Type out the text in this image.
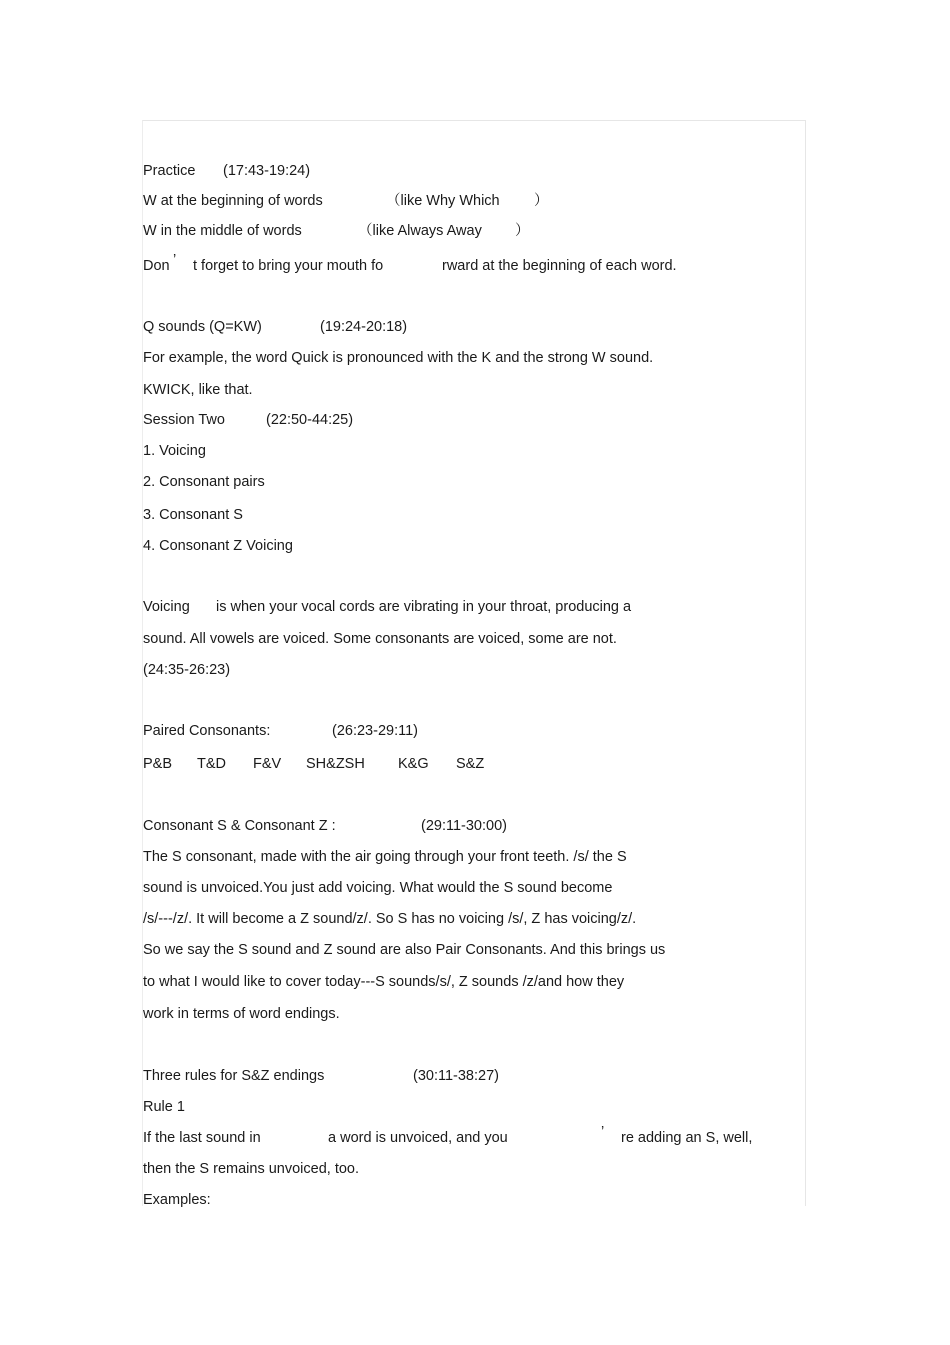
Practice (17:43-19:24)
W at the beginning of words	（like Why Which ）
W in the middle of words	（like Always Away ）
Don ’ t forget to bring your mouth fo	rward at the beginning of each word.
Q sounds (Q=KW)	(19:24-20:18)
For example, the word Quick is pronounced with the K and the strong W sound.
KWICK, like that.
Session Two	(22:50-44:25)
1. Voicing
2. Consonant pairs
3. Consonant S
4. Consonant Z Voicing
Voicing is when your vocal cords are vibrating in your throat, producing a
sound. All vowels are voiced. Some consonants are voiced, some are not.
(24:35-26:23)
Paired Consonants:	(26:23-29:11)
P&B T&D F&V SH&ZSH K&G S&Z
Consonant S & Consonant Z :	(29:11-30:00)
The S consonant, made with the air going through your front teeth. /s/ the S
sound is unvoiced.You just add voicing. What would the S sound become
/s/---/z/. It will become a Z sound/z/. So S has no voicing /s/, Z has voicing/z/.
So we say the S sound and Z sound are also Pair Consonants. And this brings us
to what I would like to cover today---S sounds/s/, Z sounds /z/and how they
work in terms of word endings.
Three rules for S&Z endings	(30:11-38:27)
Rule 1
If the last sound in	a word is unvoiced, and you	’ re adding an S, well,
then the S remains unvoiced, too.
Examples:
